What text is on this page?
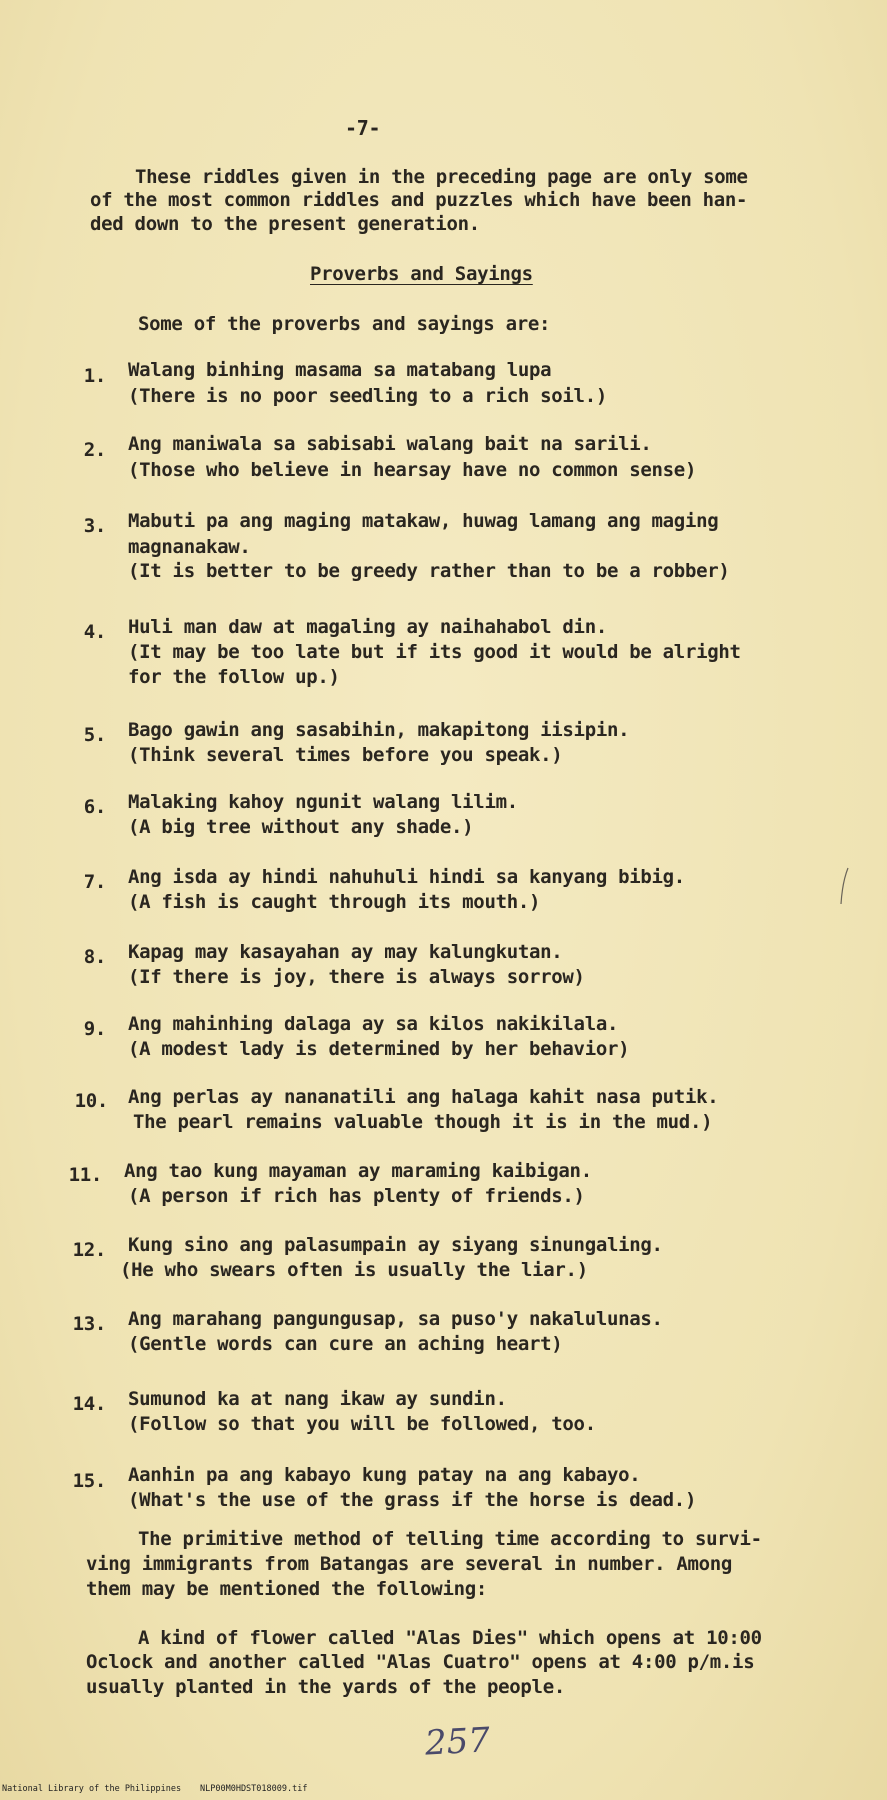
-7-
These riddles given in the preceding page are only some
of the most common riddles and puzzles which have been han-
ded down to the present generation.
Proverbs and Sayings
Some of the proverbs and sayings are:
1. Walang binhing masama sa matabang lupa
(There is no poor seedling to a rich soil.)
2. Ang maniwala sa sabisabi walang bait na sarili.
(Those who believe in hearsay have no common sense)
3. Mabuti pa ang maging matakaw, huwag lamang ang maging
magnanakaw.
(It is better to be greedy rather than to be a robber)
4. Huli man daw at magaling ay naihahabol din.
(It may be too late but if its good it would be alright
for the follow up.)
5. Bago gawin ang sasabihin, makapitong iisipin.
(Think several times before you speak.)
6. Malaking kahoy ngunit walang lilim.
(A big tree without any shade.)
7. Ang isda ay hindi nahuhuli hindi sa kanyang bibig.
(A fish is caught through its mouth.)
8. Kapag may kasayahan ay may kalungkutan.
(If there is joy, there is always sorrow)
9. Ang mahinhing dalaga ay sa kilos nakikilala.
(A modest lady is determined by her behavior)
10. Ang perlas ay nananatili ang halaga kahit nasa putik.
The pearl remains valuable though it is in the mud.)
11. Ang tao kung mayaman ay maraming kaibigan.
(A person if rich has plenty of friends.)
12. Kung sino ang palasumpain ay siyang sinungaling.
(He who swears often is usually the liar.)
13. Ang marahang pangungusap, sa puso'y nakalulunas.
(Gentle words can cure an aching heart)
14. Sumunod ka at nang ikaw ay sundin.
(Follow so that you will be followed, too.
15. Aanhin pa ang kabayo kung patay na ang kabayo.
(What's the use of the grass if the horse is dead.)
The primitive method of telling time according to survi-
ving immigrants from Batangas are several in number. Among
them may be mentioned the following:
A kind of flower called "Alas Dies" which opens at 10:00
Oclock and another called "Alas Cuatro" opens at 4:00 p/m.is
usually planted in the yards of the people.
257
National Library of the Philippines NLP00M0HDST018009.tif
